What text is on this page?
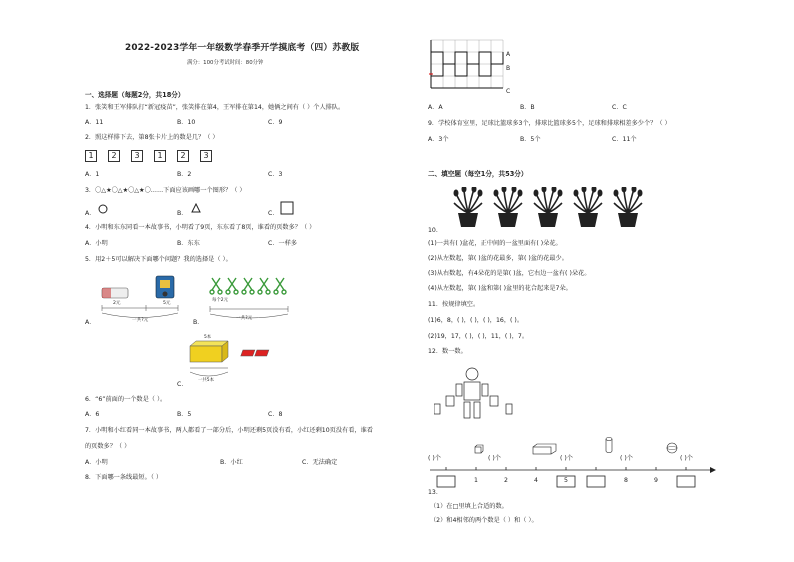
2022-2023学年一年级数学春季开学摸底考（四）苏教版
满分：100分考试时间：80分钟
一、选择题（每题2分，共18分）
1．张笑和王军排队打“新冠疫苗”，张笑排在第4，王军排在第14，她俩之间有（ ）个人排队。
A．11	B．10	C．9
2．照这样排下去，第8张卡片上的数是几？（ ）
1	2	3	1	2	3
A．1	B．2	C．3
3．〇△★〇△★〇△★〇……下面应该画哪一个图形？（ ）
A．	B．	C．
4．小明和东东同看一本故事书，小明看了9页，东东看了8页，谁看的页数多？（ ）
A．小明	B．东东	C．一样多
5．用2＋5可以解决下面哪个问题？我的选择是（ ）。
A．
2元	5元
一共?元	B．
每个2元
一共?元
C．
5本
一共5本
6．“6”前面的一个数是（ ）。
A．6	B．5	C．8
7．小明和小红看同一本故事书，两人都看了一部分后，小明还剩5页没有看，小红还剩10页没有看，谁看
的页数多？（ ）
A．小明	B．小红	C．无法确定
8．下面哪一条线最短。（ ）
A
B
C
A．A	B．B	C．C
9．学校体育室里，足球比篮球多3个，排球比篮球多5个，足球和排球相差多少个？（ ）
A．3个	B．5个	C．11个
二、填空题（每空1分，共53分）
10.
(1)一共有( )盆花，正中间的一盆里面有( )朵花。
(2)从左数起，第( )盆的花最多，第( )盆的花最少。
(3)从右数起，有4朵花的是第( )盆，它右边一盆有( )朵花。
(4)从左数起，第( )盆和第( )盆里的花合起来是7朵。
11．按规律填空。
(1)6，8，( )，( )，( )，16，( )。
(2)19，17，( )，( )，11，( )，7。
12．数一数。
( )个	( )个	( )个	( )个	( )个
1	2	4	5	8	9
13.
（1）在□里填上合适的数。
（2）和4相邻的两个数是（ ）和（ ）。
